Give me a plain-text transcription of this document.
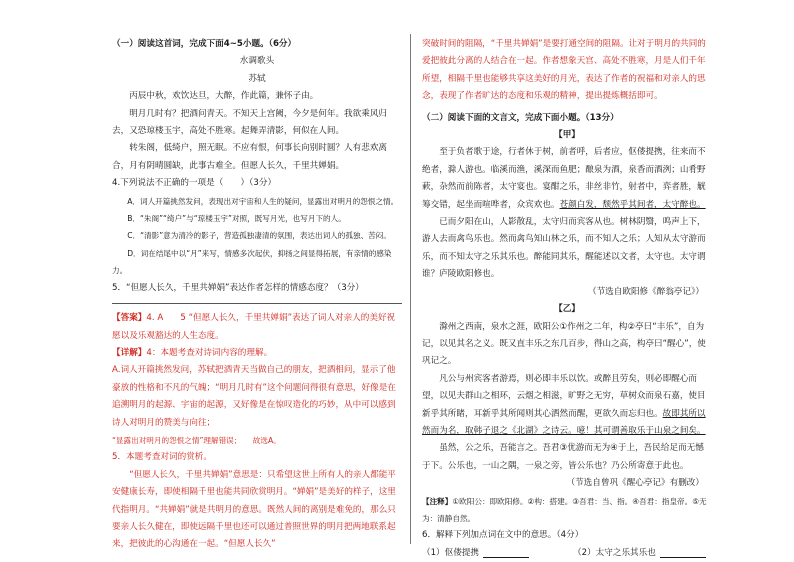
（一）阅读这首词，完成下面4~5小题。（6分）

水调歌头

苏轼

丙辰中秋，欢饮达旦，大醉，作此篇，兼怀子由。

明月几时有？把酒问青天。不知天上宫阙，今夕是何年。我欲乘风归去，又恐琼楼玉宇，高处不胜寒。起舞弄清影，何似在人间。

转朱阁，低绮户，照无眠。不应有恨，何事长向别时圆？人有悲欢离合，月有阴晴圆缺，此事古难全。但愿人长久，千里共婵娟。

4.下列说法不正确的一项是（　　）（3分）

A．词人开篇挑然发问，表现出对宇宙和人生的疑问，显露出对明月的怨恨之情。

B．“朱阁”“绮户”与“琼楼玉宇”对照，既写月光，也写月下的人。

C．“清影”意为清冷的影子，营造孤独凄清的氛围，表达出词人的孤独、苦闷。

D．词在结尾中以“月”来写，情感多次起伏，抑扬之间显得拓展，有亲情的感染力。

5．“但愿人长久，千里共婵娟”表达作者怎样的情感态度？（3分）

【答案】4. A　　5 “但愿人长久，千里共婵娟”表达了词人对亲人的美好祝愿以及乐观豁达的人生态度。

【详解】4：本题考查对诗词内容的理解。

A.词人开篇挑然发问，苏轼把酒青天当做自己的朋友，把酒相问，显示了他豪放的性格和不凡的气魄；“明月几时有”这个问题问得很有意思，好像是在追溯明月的起源、宇宙的起源，又好像是在惊叹造化的巧妙，从中可以感到诗人对明月的赞美与向往；

“显露出对明月的怨恨之情”理解错误；　　故选A。

5．本题考查对词的赏析。

“但愿人长久，千里共婵娟”意思是：只希望这世上所有人的亲人都能平安健康长寿，即使相隔千里也能共同欣赏明月。“婵娟”是美好的样子，这里代指明月。“共婵娟”就是共明月的意思。既然人间的离别是难免的，那么只要亲人长久健在，即使远隔千里也还可以通过普照世界的明月把两地联系起来，把彼此的心沟通在一起。“但愿人长久”

突破时间的阻隔，“千里共婵娟”是要打通空间的阻隔。让对于明月的共同的爱把彼此分离的人结合在一起。作者想象天宫、高处不胜寒，月是人们千年所望，相隔千里也能够共享这美好的月光，表达了作者的祝福和对亲人的思念，表现了作者旷达的态度和乐观的精神，提出提炼概括即可。

（二）阅读下面的文言文，完成下面小题。（13分）

【甲】

至于负者歌于途，行者休于树，前者呼，后者应，伛偻提携，往来而不绝者，滁人游也。临溪而渔，溪深而鱼肥；酿泉为酒，泉香而酒洌；山肴野蔌，杂然而前陈者，太守宴也。宴酣之乐，非丝非竹，射者中，弈者胜，觥筹交错，起坐而喧哗者，众宾欢也。苍颜白发，颓然乎其间者，太守醉也。

已而夕阳在山，人影散乱，太守归而宾客从也。树林阴翳，鸣声上下，游人去而禽鸟乐也。然而禽鸟知山林之乐，而不知人之乐；人知从太守游而乐，而不知太守之乐其乐也。醉能同其乐，醒能述以文者，太守也。太守谓谁？庐陵欧阳修也。

（节选自欧阳修《醉翁亭记》）

【乙】

滁州之西南，泉水之涯，欧阳公①作州之二年，构②亭曰“丰乐”，自为记，以见其名之义。既又直丰乐之东几百步，得山之高，构亭曰“醒心”，使巩记之。

凡公与州宾客者游焉，则必即丰乐以饮。或醉且劳矣，则必即醒心而望，以见夫群山之相环，云烟之相滋，旷野之无穷，草树众而泉石嘉，使目新乎其所睹，耳新乎其所闻则其心洒然而醒，更欲久而忘归也。故即其所以然而为名，取韩子退之《北湖》之诗云。噫！其可谓善取乐于山泉之间矣。

虽然，公之乐，吾能言之。吾君③优游而无为④于上，吾民给足而无憾于下。公乐也，一山之隅，一泉之旁，皆公乐也？乃公所寄意于此也。

（节选自曾巩《醒心亭记》有删改）

【注释】①欧阳公：即欧阳修。②构：搭建。③吾君：当、指。④吾君：指皇帝。⑤无为：清静自然。

6．解释下列加点词在文中的意思。（4分）

（1）伛偻提携	（2）太守之乐其乐也
